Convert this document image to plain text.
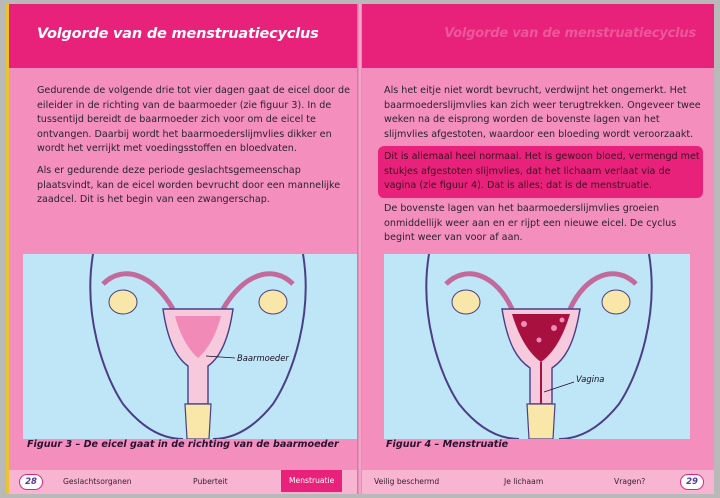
Volgorde van de menstruatiecyclus
Gedurende de volgende drie tot vier dagen gaat de eicel door de eileider in de richting van de baarmoeder (zie figuur 3). In de tussentijd bereidt de baarmoeder zich voor om de eicel te ontvangen. Daarbij wordt het baarmoederslijmvlies dikker en wordt het verrijkt met voedingsstoffen en bloedvaten.
Als er gedurende deze periode geslachtsgemeenschap plaatsvindt, kan de eicel worden bevrucht door een mannelijke zaadcel. Dit is het begin van een zwangerschap.
Baarmoeder
Figuur 3 – De eicel gaat in de richting van de baarmoeder
28	Geslachtsorganen	Puberteit	Menstruatie
Volgorde van de menstruatiecyclus
Als het eitje niet wordt bevrucht, verdwijnt het ongemerkt. Het baarmoederslijmvlies kan zich weer terugtrekken. Ongeveer twee weken na de eisprong worden de bovenste lagen van het slijmvlies afgestoten, waardoor een bloeding wordt veroorzaakt.
Dit is allemaal heel normaal. Het is gewoon bloed, vermengd met stukjes afgestoten slijmvlies, dat het lichaam verlaat via de vagina (zie figuur 4). Dat is alles; dat is de menstruatie.
De bovenste lagen van het baarmoederslijmvlies groeien onmiddellijk weer aan en er rijpt een nieuwe eicel. De cyclus begint weer van voor af aan.
Vagina
Figuur 4 – Menstruatie
Veilig beschermd	Je lichaam	Vragen?	29
